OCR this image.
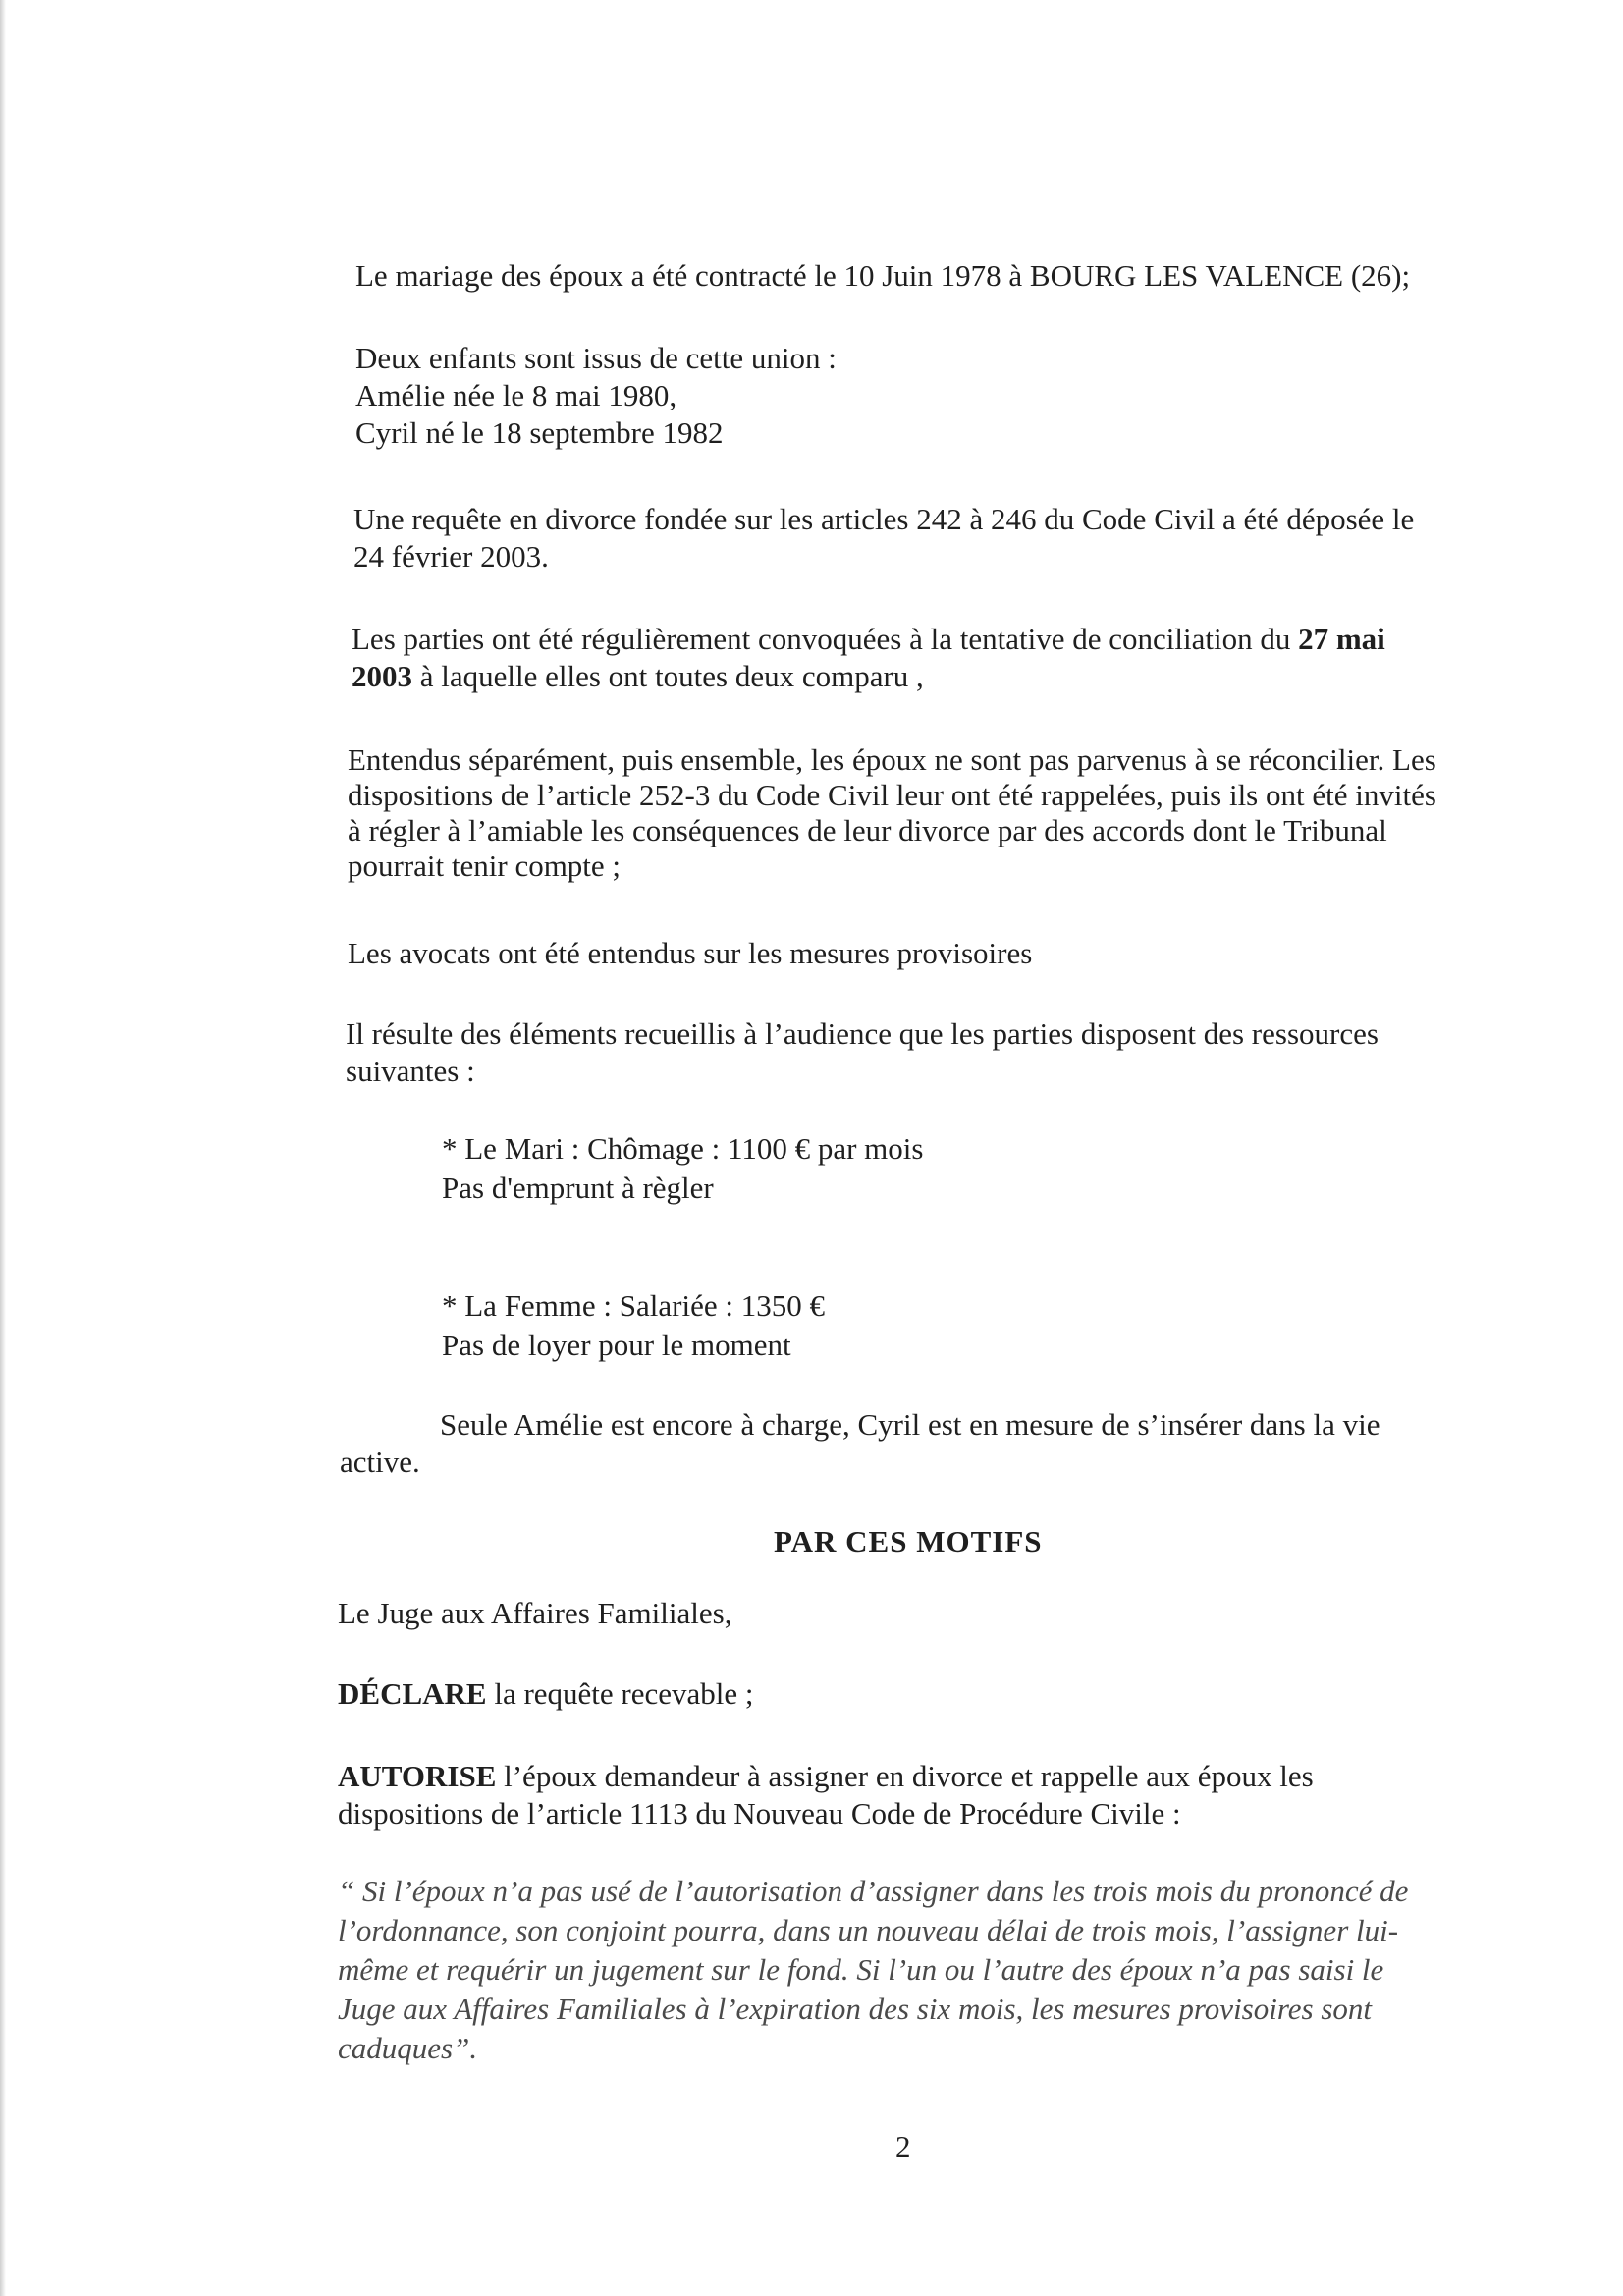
Le mariage des époux a été contracté le 10 Juin 1978 à BOURG LES VALENCE (26);
Deux enfants sont issus de cette union :
Amélie née le 8 mai 1980,
Cyril né le 18 septembre 1982
Une requête en divorce fondée sur les articles 242 à 246 du Code Civil a été déposée le
24 février 2003.
Les parties ont été régulièrement convoquées à la tentative de conciliation du 27 mai
2003 à laquelle elles ont toutes deux comparu ,
Entendus séparément, puis ensemble, les époux ne sont pas parvenus à se réconcilier. Les
dispositions de l’article 252-3 du Code Civil leur ont été rappelées, puis ils ont été invités
à régler à l’amiable les conséquences de leur divorce par des accords dont le Tribunal
pourrait tenir compte ;
Les avocats ont été entendus sur les mesures provisoires
Il résulte des éléments recueillis à l’audience que les parties disposent des ressources
suivantes :
* Le Mari : Chômage : 1100 € par mois
Pas d'emprunt à règler
* La Femme : Salariée : 1350 €
Pas de loyer pour le moment
Seule Amélie est encore à charge, Cyril est en mesure de s’insérer dans la vie
active.
PAR CES MOTIFS
Le Juge aux Affaires Familiales,
DÉCLARE la requête recevable ;
AUTORISE l’époux demandeur à assigner en divorce et rappelle aux époux les
dispositions de l’article 1113 du Nouveau Code de Procédure Civile :
“ Si l’époux n’a pas usé de l’autorisation d’assigner dans les trois mois du prononcé de
l’ordonnance, son conjoint pourra, dans un nouveau délai de trois mois, l’assigner lui-
même et requérir un jugement sur le fond. Si l’un ou l’autre des époux n’a pas saisi le
Juge aux Affaires Familiales à l’expiration des six mois, les mesures provisoires sont
caduques”.
2
